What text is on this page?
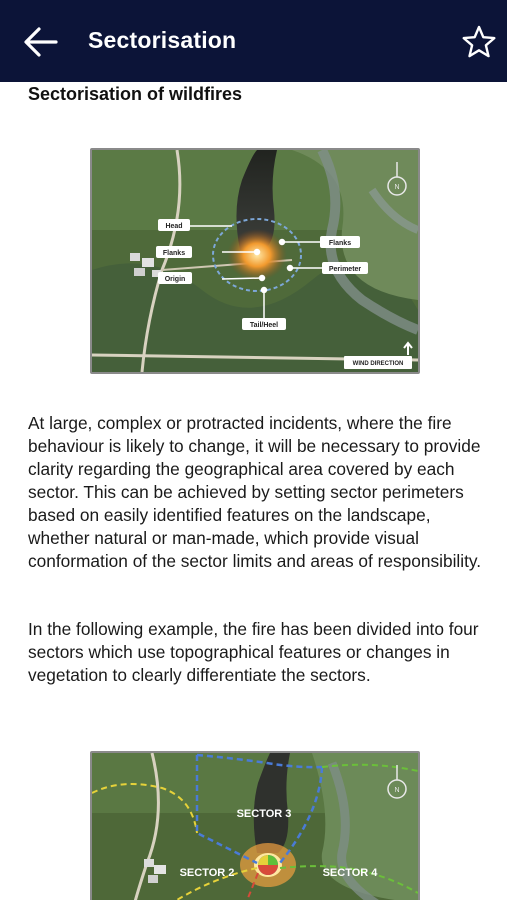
Sectorisation
Sectorisation of wildfires
N
Head
Flanks
Origin
Flanks
Perimeter
Tail/Heel
WIND DIRECTION
At large, complex or protracted incidents, where the fire behaviour is likely to change, it will be necessary to provide clarity regarding the geographical area covered by each sector. This can be achieved by setting sector perimeters based on easily identified features on the landscape, whether natural or man-made, which provide visual conformation of the sector limits and areas of responsibility.
In the following example, the fire has been divided into four sectors which use topographical features or changes in vegetation to clearly differentiate the sectors.
N
SECTOR 3
SECTOR 2	SECTOR 4
